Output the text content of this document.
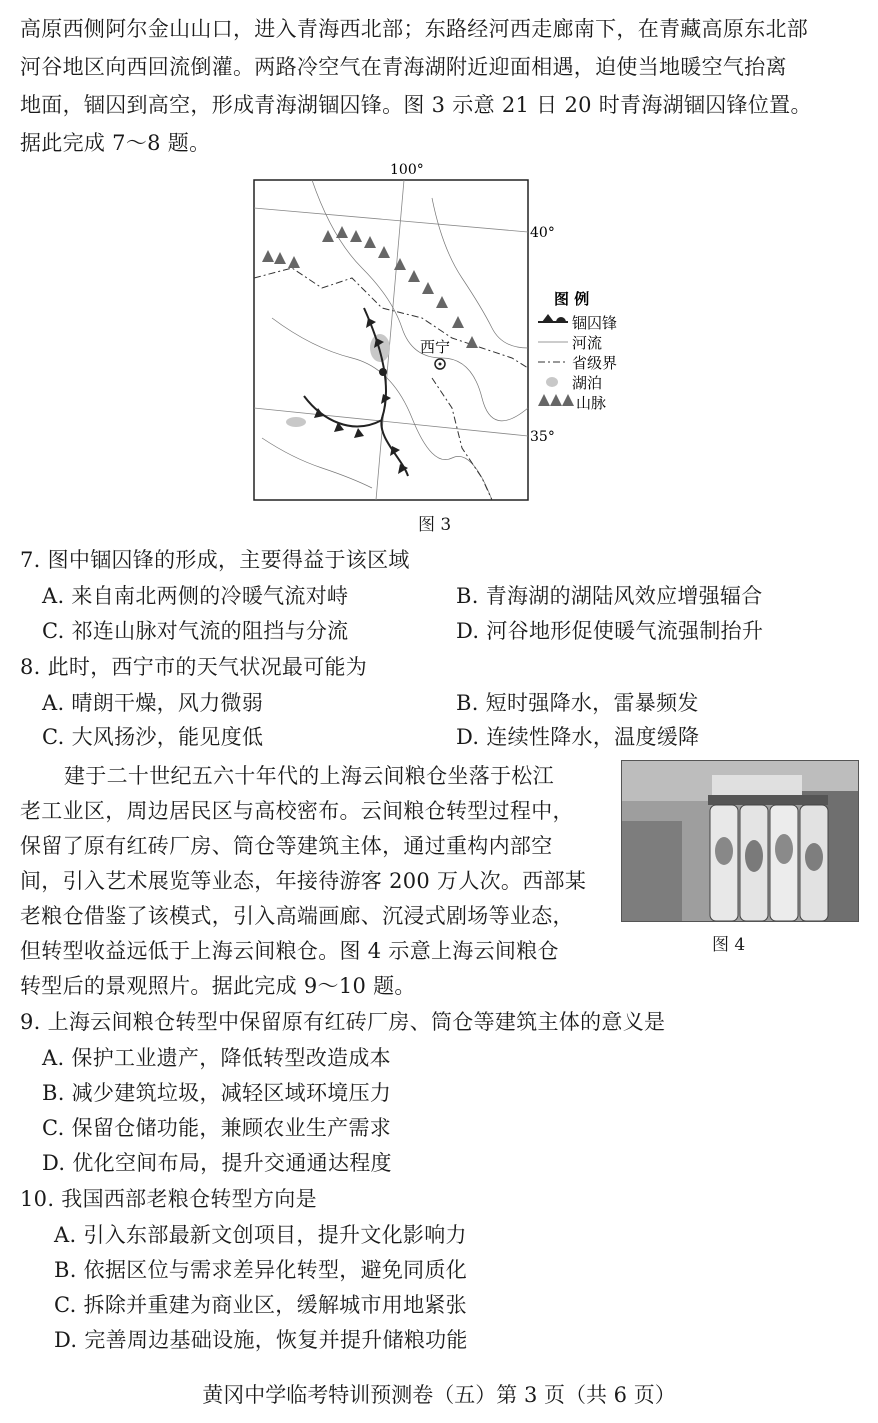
高原西侧阿尔金山山口，进入青海西北部；东路经河西走廊南下，在青藏高原东北部
河谷地区向西回流倒灌。两路冷空气在青海湖附近迎面相遇，迫使当地暖空气抬离
地面，锢囚到高空，形成青海湖锢囚锋。图 3 示意 21 日 20 时青海湖锢囚锋位置。
据此完成 7～8 题。
100°
40°
35°
西宁
图 例
锢囚锋
河流
省级界
湖泊
山脉
图 3
7. 图中锢囚锋的形成，主要得益于该区域
A. 来自南北两侧的冷暖气流对峙	B. 青海湖的湖陆风效应增强辐合
C. 祁连山脉对气流的阻挡与分流	D. 河谷地形促使暖气流强制抬升
8. 此时，西宁市的天气状况最可能为
A. 晴朗干燥，风力微弱	B. 短时强降水，雷暴频发
C. 大风扬沙，能见度低	D. 连续性降水，温度缓降
建于二十世纪五六十年代的上海云间粮仓坐落于松江
老工业区，周边居民区与高校密布。云间粮仓转型过程中，
保留了原有红砖厂房、筒仓等建筑主体，通过重构内部空
间，引入艺术展览等业态，年接待游客 200 万人次。西部某
老粮仓借鉴了该模式，引入高端画廊、沉浸式剧场等业态，
但转型收益远低于上海云间粮仓。图 4 示意上海云间粮仓
转型后的景观照片。据此完成 9～10 题。
图 4
9. 上海云间粮仓转型中保留原有红砖厂房、筒仓等建筑主体的意义是
A. 保护工业遗产，降低转型改造成本
B. 减少建筑垃圾，减轻区域环境压力
C. 保留仓储功能，兼顾农业生产需求
D. 优化空间布局，提升交通通达程度
10. 我国西部老粮仓转型方向是
A. 引入东部最新文创项目，提升文化影响力
B. 依据区位与需求差异化转型，避免同质化
C. 拆除并重建为商业区，缓解城市用地紧张
D. 完善周边基础设施，恢复并提升储粮功能
黄冈中学临考特训预测卷（五）第 3 页（共 6 页）
